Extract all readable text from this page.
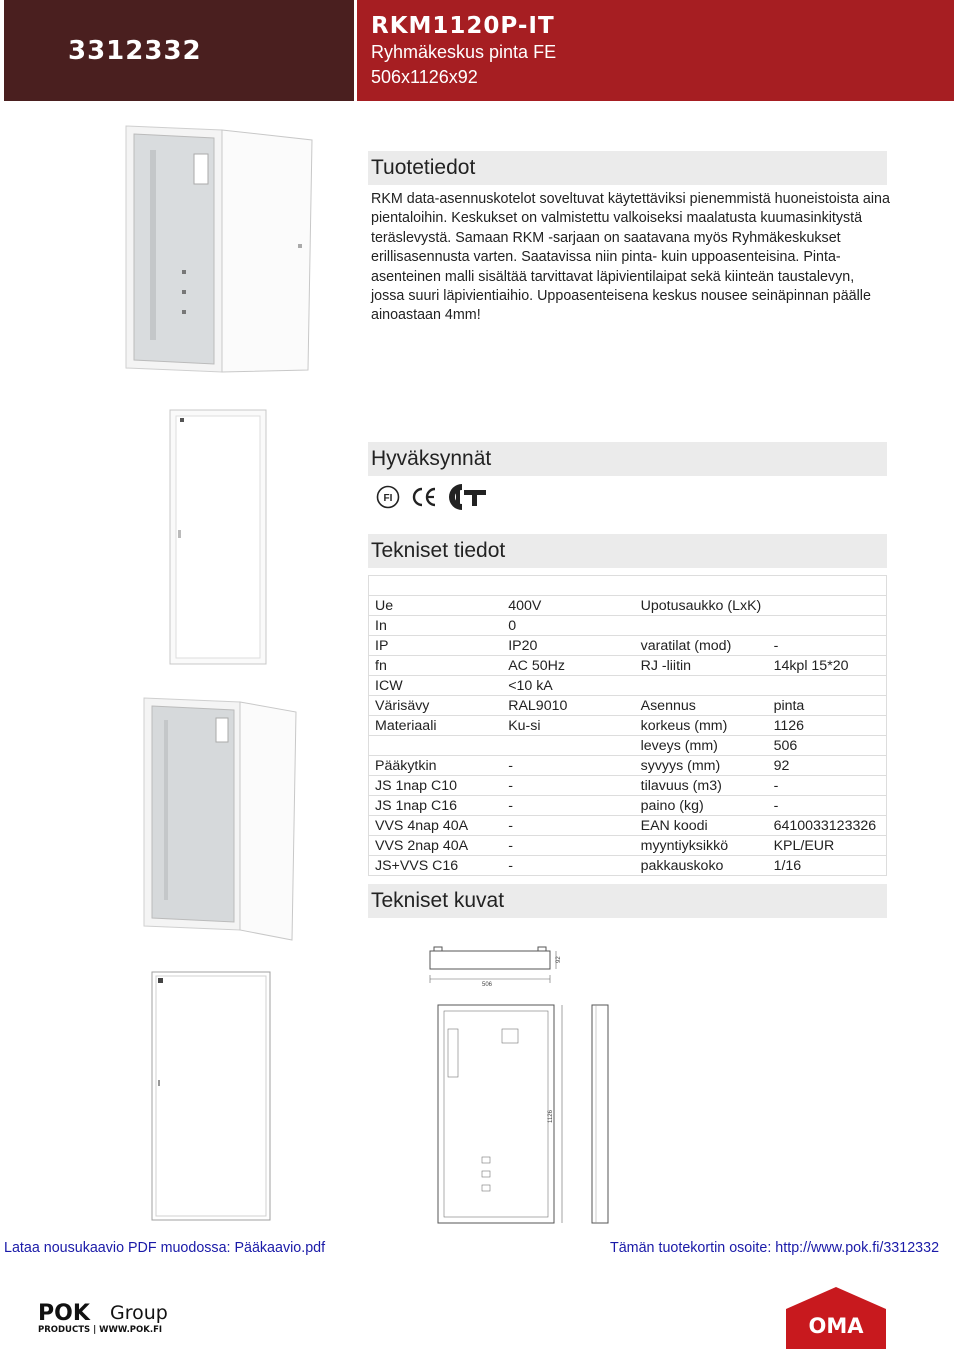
3312332
RKM1120P-IT
Ryhmäkeskus pinta FE
506x1126x92
Tuotetiedot

RKM data-asennuskotelot soveltuvat käytettäviksi pienemmistä huoneistoista aina pientaloihin. Keskukset on valmistettu valkoiseksi maalatusta kuumasinkitystä teräslevystä. Samaan RKM -sarjaan on saatavana myös Ryhmäkeskukset erillisasennusta varten. Saatavissa niin pinta- kuin uppoasenteisina. Pinta-asenteinen malli sisältää tarvittavat läpivientilaipat sekä kiinteän taustalevyn, jossa suuri läpivientiaihio. Uppoasenteisena keskus nousee seinäpinnan päälle ainoastaan 4mm!

Hyväksynnät
FI
Tekniset tiedot

Ue	400V	Upotusaukko (LxK)	
In	0		
IP	IP20	varatilat (mod)	-
fn	AC 50Hz	RJ -liitin	14kpl 15*20
ICW	<10 kA		
Värisävy	RAL9010	Asennus	pinta
Materiaali	Ku-si	korkeus (mm)	1126
		leveys (mm)	506
Pääkytkin	-	syvyys (mm)	92
JS 1nap C10	-	tilavuus (m3)	-
JS 1nap C16	-	paino (kg)	-
VVS 4nap 40A	-	EAN koodi	6410033123326
VVS 2nap 40A	-	myyntiyksikkö	KPL/EUR
JS+VVS C16	-	pakkauskoko	1/16
Tekniset kuvat
506
92
1126
Lataa nousukaavio PDF muodossa: Pääkaavio.pdf	Tämän tuotekortin osoite: http://www.pok.fi/3312332
POK Group
PRODUCTS | WWW.POK.FI	OMA
